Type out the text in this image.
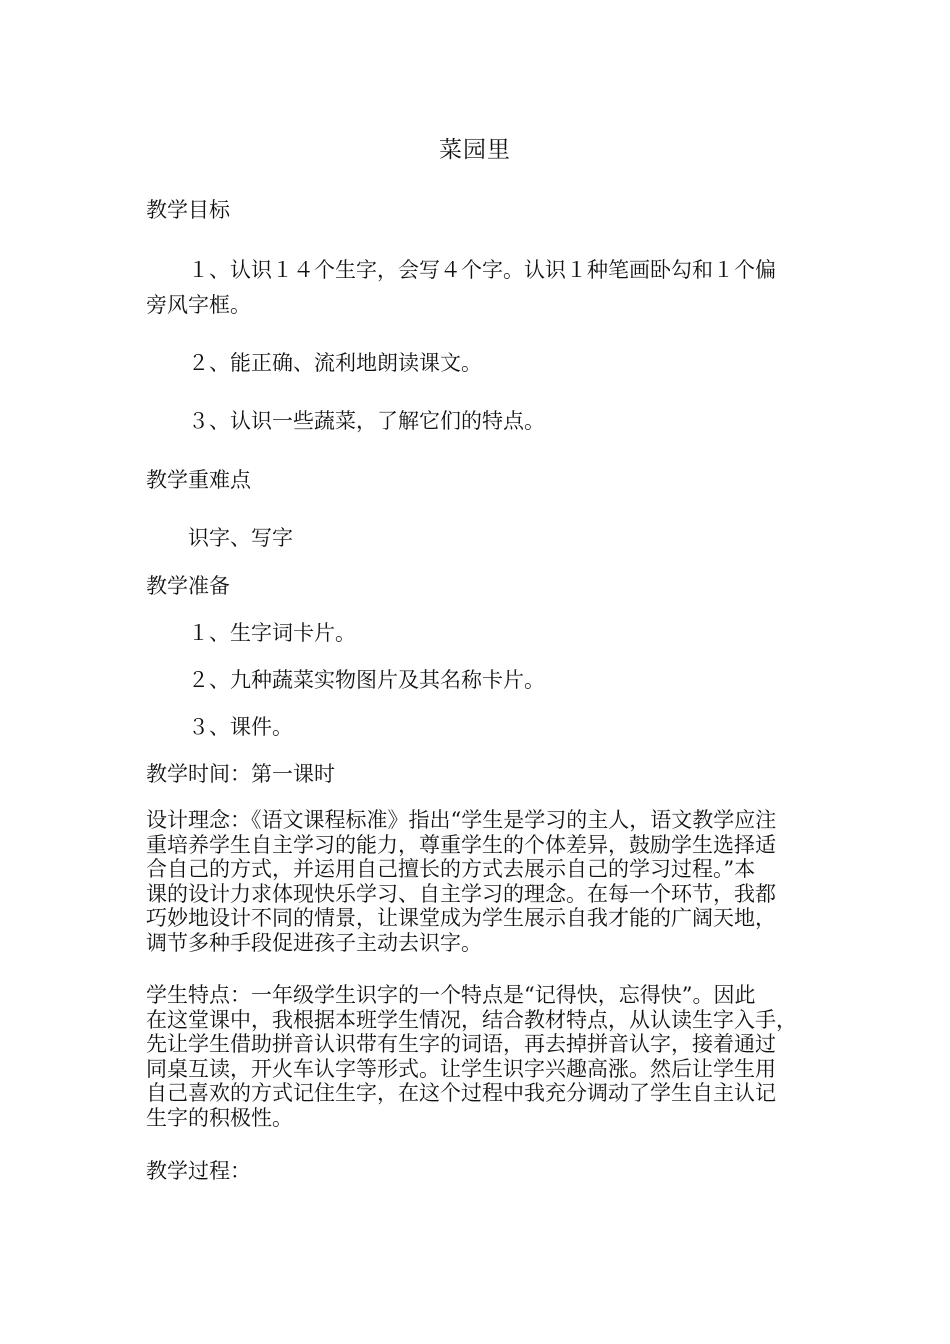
菜园里
教学目标
１、认识１４个生字，会写４个字。认识１种笔画卧勾和１个偏
旁风字框。
２、能正确、流利地朗读课文。
３、认识一些蔬菜，了解它们的特点。
教学重难点
识字、写字
教学准备
１、生字词卡片。
２、九种蔬菜实物图片及其名称卡片。
３、课件。
教学时间：第一课时
设计理念：《语文课程标准》指出“学生是学习的主人，语文教学应注
重培养学生自主学习的能力，尊重学生的个体差异，鼓励学生选择适
合自己的方式，并运用自己擅长的方式去展示自己的学习过程。”本
课的设计力求体现快乐学习、自主学习的理念。在每一个环节，我都
巧妙地设计不同的情景，让课堂成为学生展示自我才能的广阔天地，
调节多种手段促进孩子主动去识字。
学生特点：一年级学生识字的一个特点是“记得快，忘得快”。因此
在这堂课中，我根据本班学生情况，结合教材特点，从认读生字入手，
先让学生借助拼音认识带有生字的词语，再去掉拼音认字，接着通过
同桌互读，开火车认字等形式。让学生识字兴趣高涨。然后让学生用
自己喜欢的方式记住生字，在这个过程中我充分调动了学生自主认记
生字的积极性。
教学过程：
